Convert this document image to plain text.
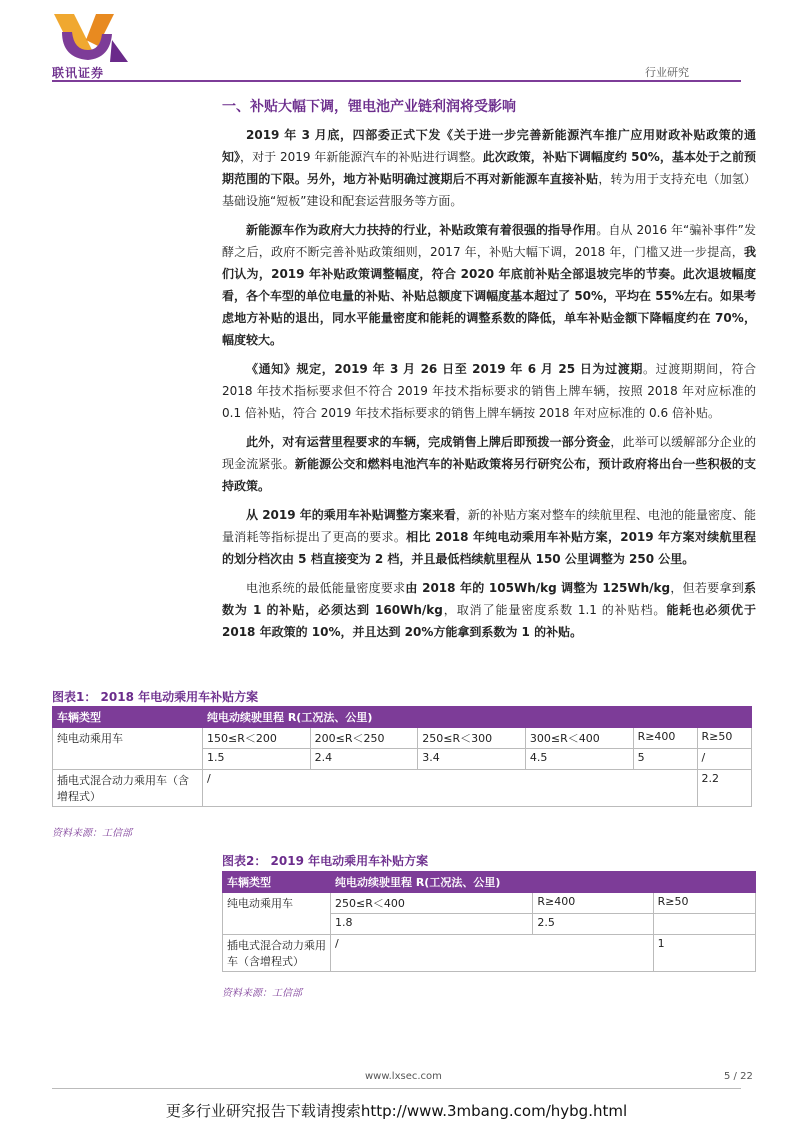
联讯证券	行业研究
一、补贴大幅下调，锂电池产业链利润将受影响

2019 年 3 月底，四部委正式下发《关于进一步完善新能源汽车推广应用财政补贴政策的通知》，对于 2019 年新能源汽车的补贴进行调整。此次政策，补贴下调幅度约 50%，基本处于之前预期范围的下限。另外，地方补贴明确过渡期后不再对新能源车直接补贴，转为用于支持充电（加氢）基础设施“短板”建设和配套运营服务等方面。

新能源车作为政府大力扶持的行业，补贴政策有着很强的指导作用。自从 2016 年“骗补事件”发酵之后，政府不断完善补贴政策细则，2017 年，补贴大幅下调，2018 年，门槛又进一步提高，我们认为，2019 年补贴政策调整幅度，符合 2020 年底前补贴全部退坡完毕的节奏。此次退坡幅度看，各个车型的单位电量的补贴、补贴总额度下调幅度基本超过了 50%，平均在 55%左右。如果考虑地方补贴的退出，同水平能量密度和能耗的调整系数的降低，单车补贴金额下降幅度约在 70%，幅度较大。

《通知》规定，2019 年 3 月 26 日至 2019 年 6 月 25 日为过渡期。过渡期期间，符合 2018 年技术指标要求但不符合 2019 年技术指标要求的销售上牌车辆，按照 2018 年对应标准的 0.1 倍补贴，符合 2019 年技术指标要求的销售上牌车辆按 2018 年对应标准的 0.6 倍补贴。

此外，对有运营里程要求的车辆，完成销售上牌后即预拨一部分资金，此举可以缓解部分企业的现金流紧张。新能源公交和燃料电池汽车的补贴政策将另行研究公布，预计政府将出台一些积极的支持政策。

从 2019 年的乘用车补贴调整方案来看，新的补贴方案对整车的续航里程、电池的能量密度、能量消耗等指标提出了更高的要求。相比 2018 年纯电动乘用车补贴方案，2019 年方案对续航里程的划分档次由 5 档直接变为 2 档，并且最低档续航里程从 150 公里调整为 250 公里。

电池系统的最低能量密度要求由 2018 年的 105Wh/kg 调整为 125Wh/kg，但若要拿到系数为 1 的补贴，必须达到 160Wh/kg，取消了能量密度系数 1.1 的补贴档。能耗也必须优于 2018 年政策的 10%，并且达到 20%方能拿到系数为 1 的补贴。

图表1： 2018 年电动乘用车补贴方案
车辆类型	纯电动续驶里程 R(工况法、公里)					
纯电动乘用车	150≤R＜200	200≤R＜250	250≤R＜300	300≤R＜400	R≥400	R≥50
	1.5	2.4	3.4	4.5	5	/
插电式混合动力乘用车（含增程式）	/					2.2
资料来源：工信部
图表2： 2019 年电动乘用车补贴方案
车辆类型	纯电动续驶里程 R(工况法、公里)		
纯电动乘用车	250≤R＜400	R≥400	R≥50
	1.8	2.5	
插电式混合动力乘用车（含增程式）	/		1
资料来源：工信部
www.lxsec.com	5 / 22
更多行业研究报告下载请搜索http://www.3mbang.com/hybg.html
